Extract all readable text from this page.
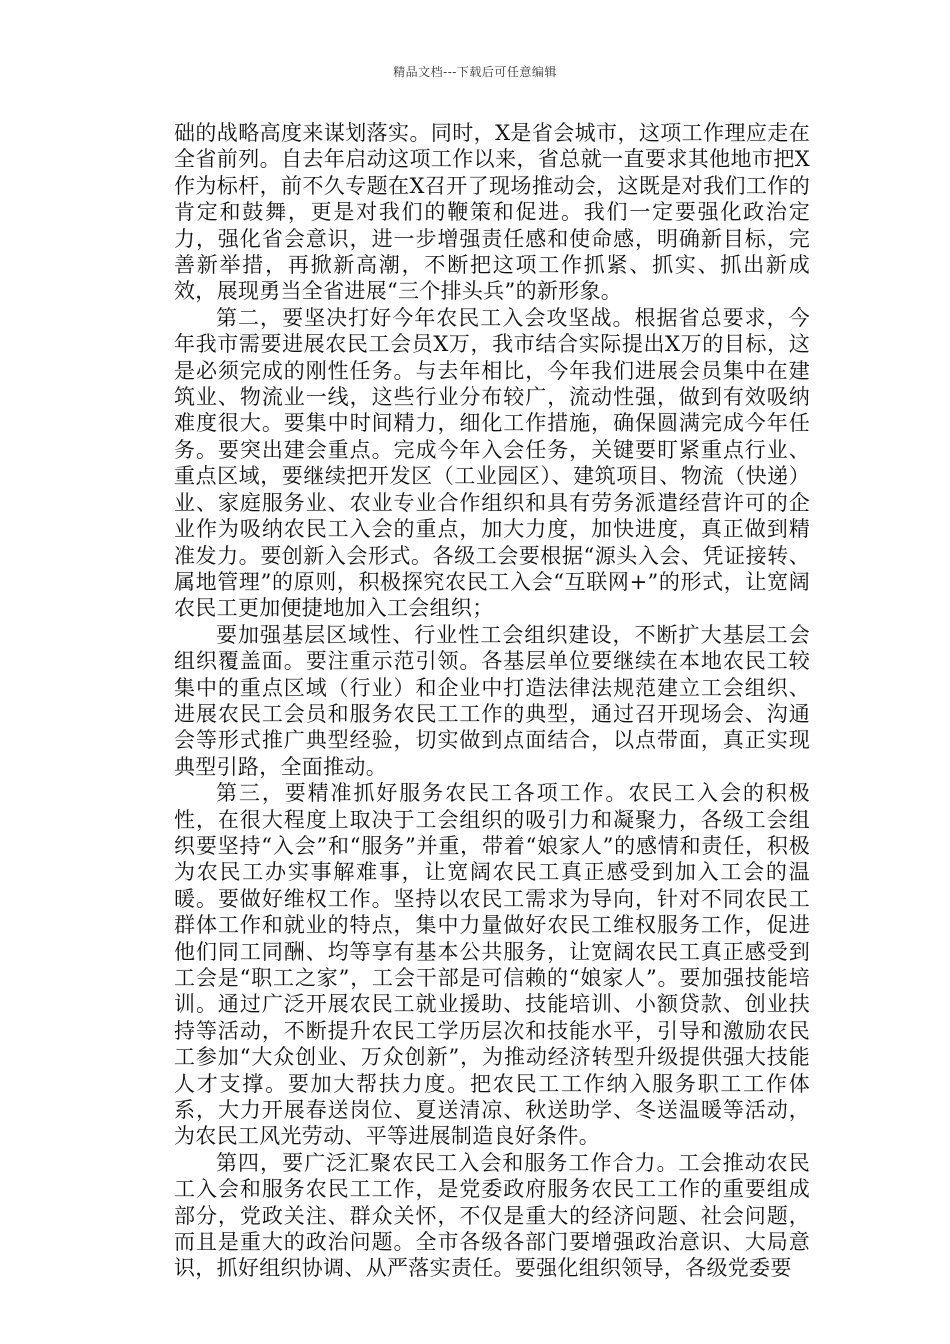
精品文档---下载后可任意编辑

础的战略高度来谋划落实。同时，X是省会城市，这项工作理应走在全省前列。自去年启动这项工作以来，省总就一直要求其他地市把X作为标杆，前不久专题在X召开了现场推动会，这既是对我们工作的肯定和鼓舞，更是对我们的鞭策和促进。我们一定要强化政治定力，强化省会意识，进一步增强责任感和使命感，明确新目标，完善新举措，再掀新高潮，不断把这项工作抓紧、抓实、抓出新成效，展现勇当全省进展“三个排头兵”的新形象。

第二，要坚决打好今年农民工入会攻坚战。根据省总要求，今年我市需要进展农民工会员X万，我市结合实际提出X万的目标，这是必须完成的刚性任务。与去年相比，今年我们进展会员集中在建筑业、物流业一线，这些行业分布较广，流动性强，做到有效吸纳难度很大。要集中时间精力，细化工作措施，确保圆满完成今年任务。要突出建会重点。完成今年入会任务，关键要盯紧重点行业、重点区域，要继续把开发区（工业园区）、建筑项目、物流（快递）业、家庭服务业、农业专业合作组织和具有劳务派遣经营许可的企业作为吸纳农民工入会的重点，加大力度，加快进度，真正做到精准发力。要创新入会形式。各级工会要根据“源头入会、凭证接转、属地管理”的原则，积极探究农民工入会“互联网+”的形式，让宽阔农民工更加便捷地加入工会组织；

要加强基层区域性、行业性工会组织建设，不断扩大基层工会组织覆盖面。要注重示范引领。各基层单位要继续在本地农民工较集中的重点区域（行业）和企业中打造法律法规范建立工会组织、进展农民工会员和服务农民工工作的典型，通过召开现场会、沟通会等形式推广典型经验，切实做到点面结合，以点带面，真正实现典型引路，全面推动。

第三，要精准抓好服务农民工各项工作。农民工入会的积极性，在很大程度上取决于工会组织的吸引力和凝聚力，各级工会组织要坚持“入会”和“服务”并重，带着“娘家人”的感情和责任，积极为农民工办实事解难事，让宽阔农民工真正感受到加入工会的温暖。要做好维权工作。坚持以农民工需求为导向，针对不同农民工群体工作和就业的特点，集中力量做好农民工维权服务工作，促进他们同工同酬、均等享有基本公共服务，让宽阔农民工真正感受到工会是“职工之家”，工会干部是可信赖的“娘家人”。要加强技能培训。通过广泛开展农民工就业援助、技能培训、小额贷款、创业扶持等活动，不断提升农民工学历层次和技能水平，引导和激励农民工参加“大众创业、万众创新”，为推动经济转型升级提供强大技能人才支撑。要加大帮扶力度。把农民工工作纳入服务职工工作体系，大力开展春送岗位、夏送清凉、秋送助学、冬送温暖等活动，为农民工风光劳动、平等进展制造良好条件。

第四，要广泛汇聚农民工入会和服务工作合力。工会推动农民工入会和服务农民工工作，是党委政府服务农民工工作的重要组成部分，党政关注、群众关怀，不仅是重大的经济问题、社会问题，而且是重大的政治问题。全市各级各部门要增强政治意识、大局意识，抓好组织协调、从严落实责任。要强化组织领导，各级党委要
